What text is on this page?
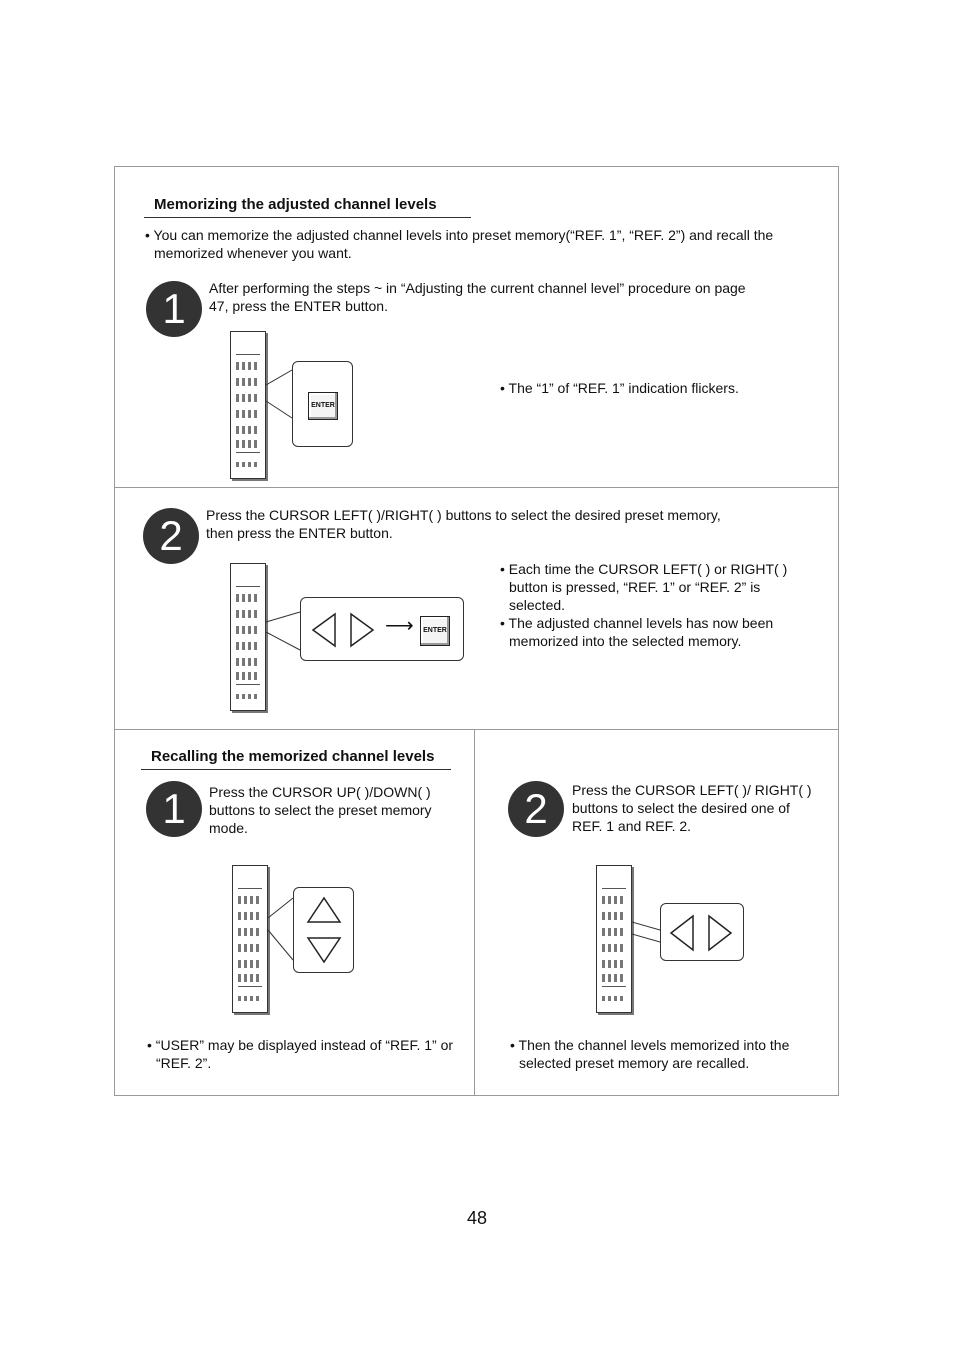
Memorizing the adjusted channel levels
• You can memorize the adjusted channel levels into preset memory(“REF. 1”, “REF. 2”) and recall the
memorized whenever you want.
1	After performing the steps ~ in “Adjusting the current channel level” procedure on page
47, press the ENTER button.
ENTER
• The “1” of “REF. 1” indication flickers.
2	Press the CURSOR LEFT( )/RIGHT( ) buttons to select the desired preset memory,
then press the ENTER button.
⟶	ENTER
• Each time the CURSOR LEFT( ) or RIGHT( ) button is pressed, “REF. 1” or “REF. 2” is selected.
• The adjusted channel levels has now been memorized into the selected memory.
Recalling the memorized channel levels
1	Press the CURSOR UP( )/DOWN( ) buttons to select the preset memory mode.
• “USER” may be displayed instead of “REF. 1” or “REF. 2”.
2	Press the CURSOR LEFT( )/ RIGHT( ) buttons to select the desired one of REF. 1 and REF. 2.
• Then the channel levels memorized into the selected preset memory are recalled.
48
